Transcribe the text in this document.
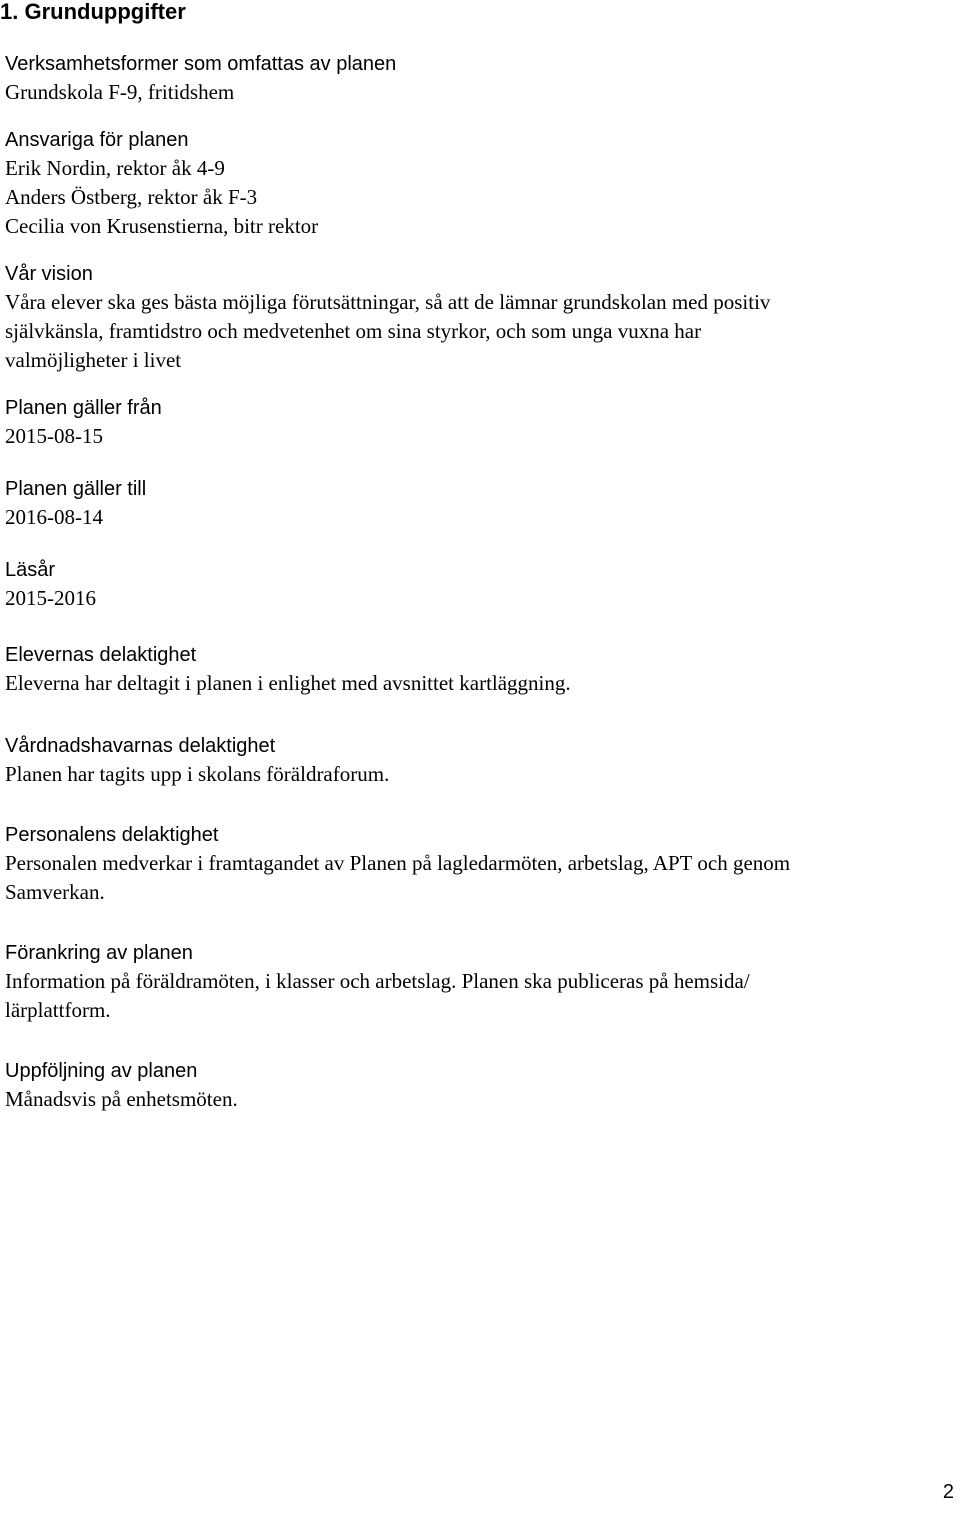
1. Grunduppgifter

Verksamhetsformer som omfattas av planen

Grundskola F-9, fritidshem

Ansvariga för planen

Erik Nordin, rektor åk 4-9

Anders Östberg, rektor åk F-3

Cecilia von Krusenstierna, bitr rektor

Vår vision

Våra elever ska ges bästa möjliga förutsättningar, så att de lämnar grundskolan med positiv

självkänsla, framtidstro och medvetenhet om sina styrkor, och som unga vuxna har

valmöjligheter i livet

Planen gäller från

2015-08-15

Planen gäller till

2016-08-14

Läsår

2015-2016

Elevernas delaktighet

Eleverna har deltagit i planen i enlighet med avsnittet kartläggning.

Vårdnadshavarnas delaktighet

Planen har tagits upp i skolans föräldraforum.

Personalens delaktighet

Personalen medverkar i framtagandet av Planen på lagledarmöten, arbetslag, APT och genom

Samverkan.

Förankring av planen

Information på föräldramöten, i klasser och arbetslag. Planen ska publiceras på hemsida/

lärplattform.

Uppföljning av planen

Månadsvis på enhetsmöten.

2
